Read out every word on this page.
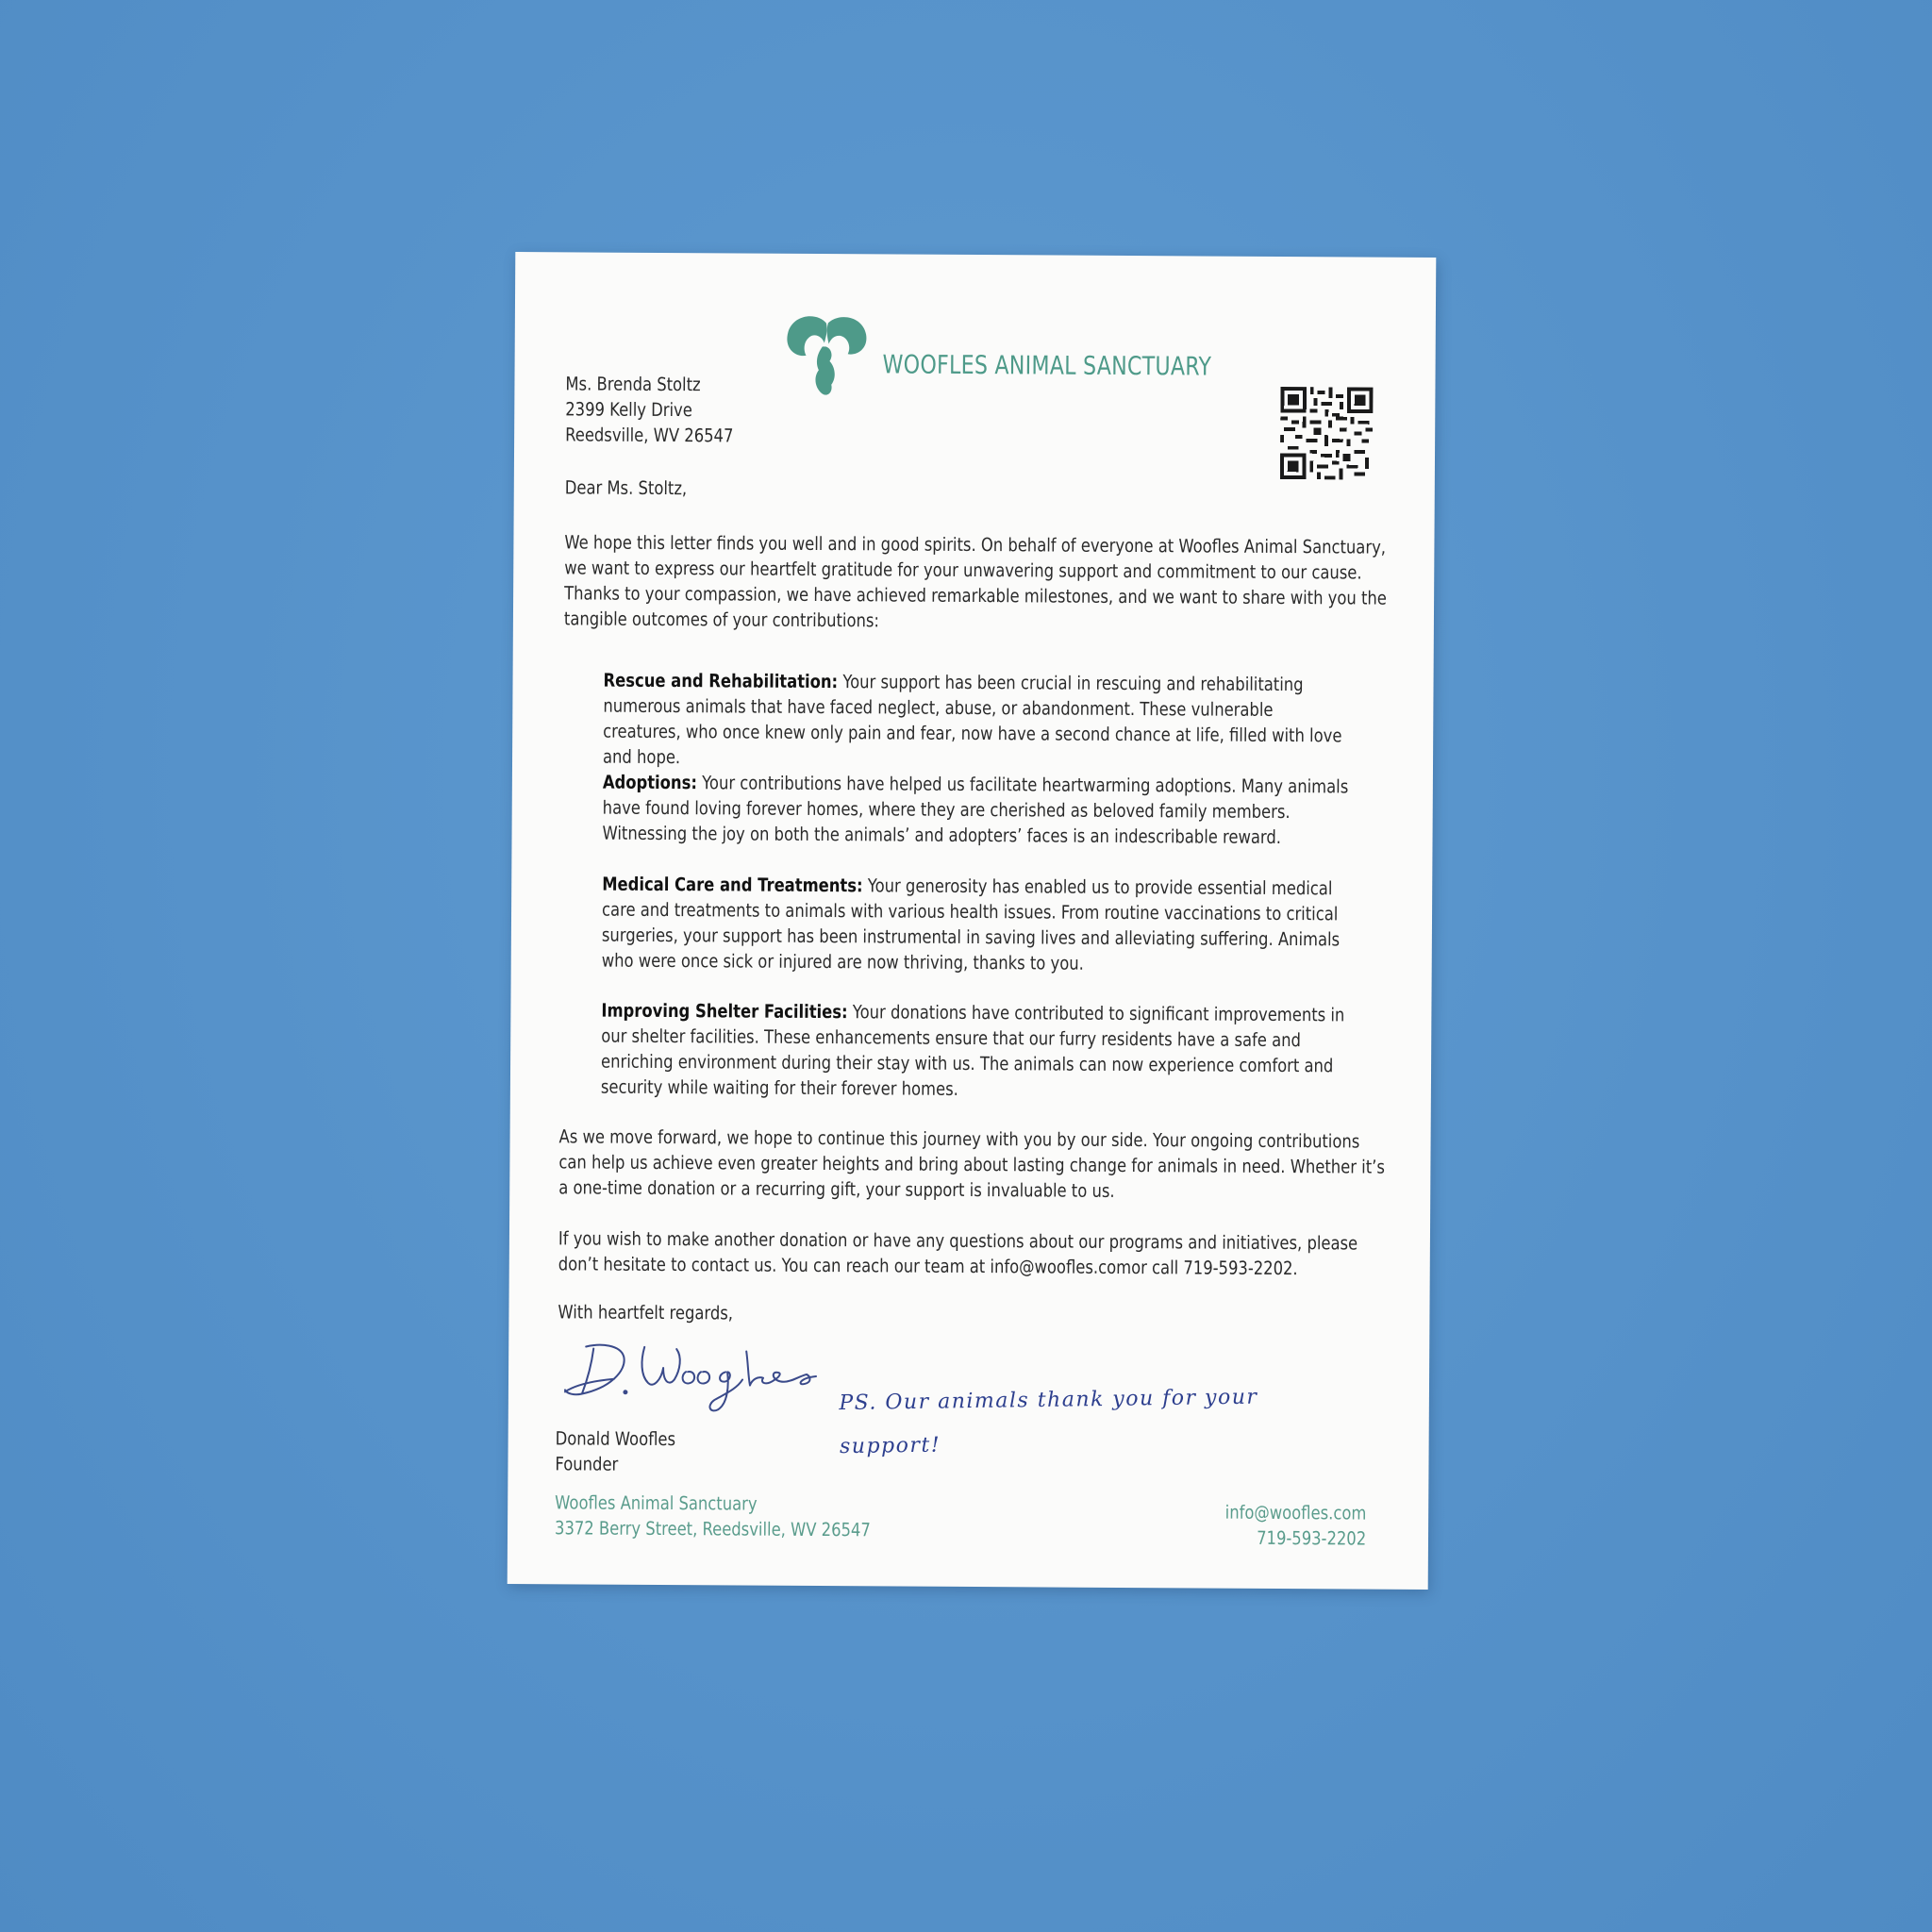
WOOFLES ANIMAL SANCTUARY
Ms. Brenda Stoltz
2399 Kelly Drive
Reedsville, WV 26547
Dear Ms. Stoltz,

We hope this letter finds you well and in good spirits. On behalf of everyone at Woofles Animal Sanctuary, we want to express our heartfelt gratitude for your unwavering support and commitment to our cause. Thanks to your compassion, we have achieved remarkable milestones, and we want to share with you the tangible outcomes of your contributions:

Rescue and Rehabilitation: Your support has been crucial in rescuing and rehabilitating numerous animals that have faced neglect, abuse, or abandonment. These vulnerable creatures, who once knew only pain and fear, now have a second chance at life, filled with love and hope.

Adoptions: Your contributions have helped us facilitate heartwarming adoptions. Many animals have found loving forever homes, where they are cherished as beloved family members. Witnessing the joy on both the animals’ and adopters’ faces is an indescribable reward.

Medical Care and Treatments: Your generosity has enabled us to provide essential medical care and treatments to animals with various health issues. From routine vaccinations to critical surgeries, your support has been instrumental in saving lives and alleviating suffering. Animals who were once sick or injured are now thriving, thanks to you.

Improving Shelter Facilities: Your donations have contributed to significant improvements in our shelter facilities. These enhancements ensure that our furry residents have a safe and enriching environment during their stay with us. The animals can now experience comfort and security while waiting for their forever homes.

As we move forward, we hope to continue this journey with you by our side. Your ongoing contributions can help us achieve even greater heights and bring about lasting change for animals in need. Whether it’s a one-time donation or a recurring gift, your support is invaluable to us.

If you wish to make another donation or have any questions about our programs and initiatives, please don’t hesitate to contact us. You can reach our team at info@woofles.comor call 719-593-2202.

With heartfelt regards,
PS. Our animals thank you for your support!
Donald Woofles
Founder
Woofles Animal Sanctuary
3372 Berry Street, Reedsville, WV 26547
info@woofles.com
719-593-2202
